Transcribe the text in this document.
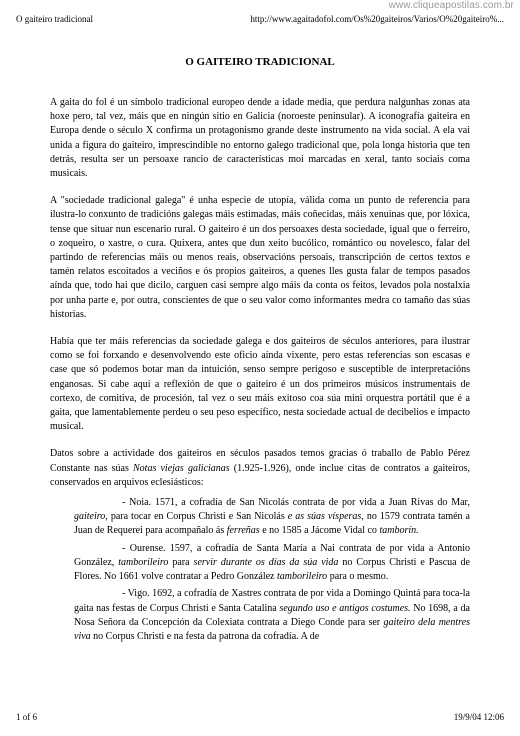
www.cliqueapostilas.com.br
O gaiteiro tradicional	http://www.agaitadofol.com/Os%20gaiteiros/Varios/O%20gaiteiro%...
O GAITEIRO TRADICIONAL

A gaita do fol é un símbolo tradicional europeo dende a idade media, que perdura nalgunhas zonas ata hoxe pero, tal vez, máis que en ningún sitio en Galicia (noroeste peninsular). A iconografía gaiteira en Europa dende o século X confirma un protagonismo grande deste instrumento na vida social. A ela vai unida a figura do gaiteiro, imprescindible no entorno galego tradicional que, pola longa historia que ten detrás, resulta ser un persoaxe rancio de características moi marcadas en xeral, tanto sociais coma musicais.

A "sociedade tradicional galega" é unha especie de utopía, válida coma un punto de referencia para ilustra-lo conxunto de tradicións galegas máis estimadas, máis coñecidas, máis xenuinas que, por lóxica, tense que situar nun escenario rural. O gaiteiro é un dos persoaxes desta sociedade, igual que o ferreiro, o zoqueiro, o xastre, o cura. Quixera, antes que dun xeito bucólico, romántico ou novelesco, falar del partindo de referencias máis ou menos reais, observacións persoais, transcripción de certos textos e tamén relatos escoitados a veciños e ós propios gaiteiros, a quenes lles gusta falar de tempos pasados aínda que, todo hai que dicilo, carguen casi sempre algo máis da conta os feitos, levados pola nostalxia por unha parte e, por outra, conscientes de que o seu valor como informantes medra co tamaño das súas historias.

Había que ter máis referencias da sociedade galega e dos gaiteiros de séculos anteriores, para ilustrar como se foi forxando e desenvolvendo este oficio aínda vixente, pero estas referencias son escasas e case que só podemos botar man da intuición, senso sempre perigoso e susceptible de interpretacións enganosas. Si cabe aquí a reflexión de que o gaiteiro é un dos primeiros músicos instrumentais de cortexo, de comitiva, de procesión, tal vez o seu máis exitoso coa súa mini orquestra portátil que é a gaita, que lamentablemente perdeu o seu peso específico, nesta sociedade actual de decibelios e impacto musical.

Datos sobre a actividade dos gaiteiros en séculos pasados temos gracias ó traballo de Pablo Pérez Constante nas súas Notas viejas galicianas (1.925-1.926), onde inclue citas de contratos a gaiteiros, conservados en arquivos eclesiásticos:

- Noia. 1571, a cofradía de San Nicolás contrata de por vida a Juan Rivas do Mar, gaiteiro, para tocar en Corpus Christi e San Nicolás e as súas vísperas, no 1579 contrata tamén a Juan de Requerei para acompañalo ás ferreñas e no 1585 a Jácome Vidal co tamborín.
- Ourense. 1597, a cofradía de Santa María a Nai contrata de por vida a Antonio González, tamborileiro para servir durante os días da súa vida no Corpus Christi e Pascua de Flores. No 1661 volve contratar a Pedro González tamborileiro para o mesmo.
- Vigo. 1692, a cofradía de Xastres contrata de por vida a Domingo Quintá para toca-la gaita nas festas de Corpus Christi e Santa Catalina segundo uso e antigos costumes. No 1698, a da Nosa Señora da Concepción da Colexiata contrata a Diego Conde para ser gaiteiro dela mentres viva no Corpus Christi e na festa da patrona da cofradía. A de
1 of 6	19/9/04 12:06
